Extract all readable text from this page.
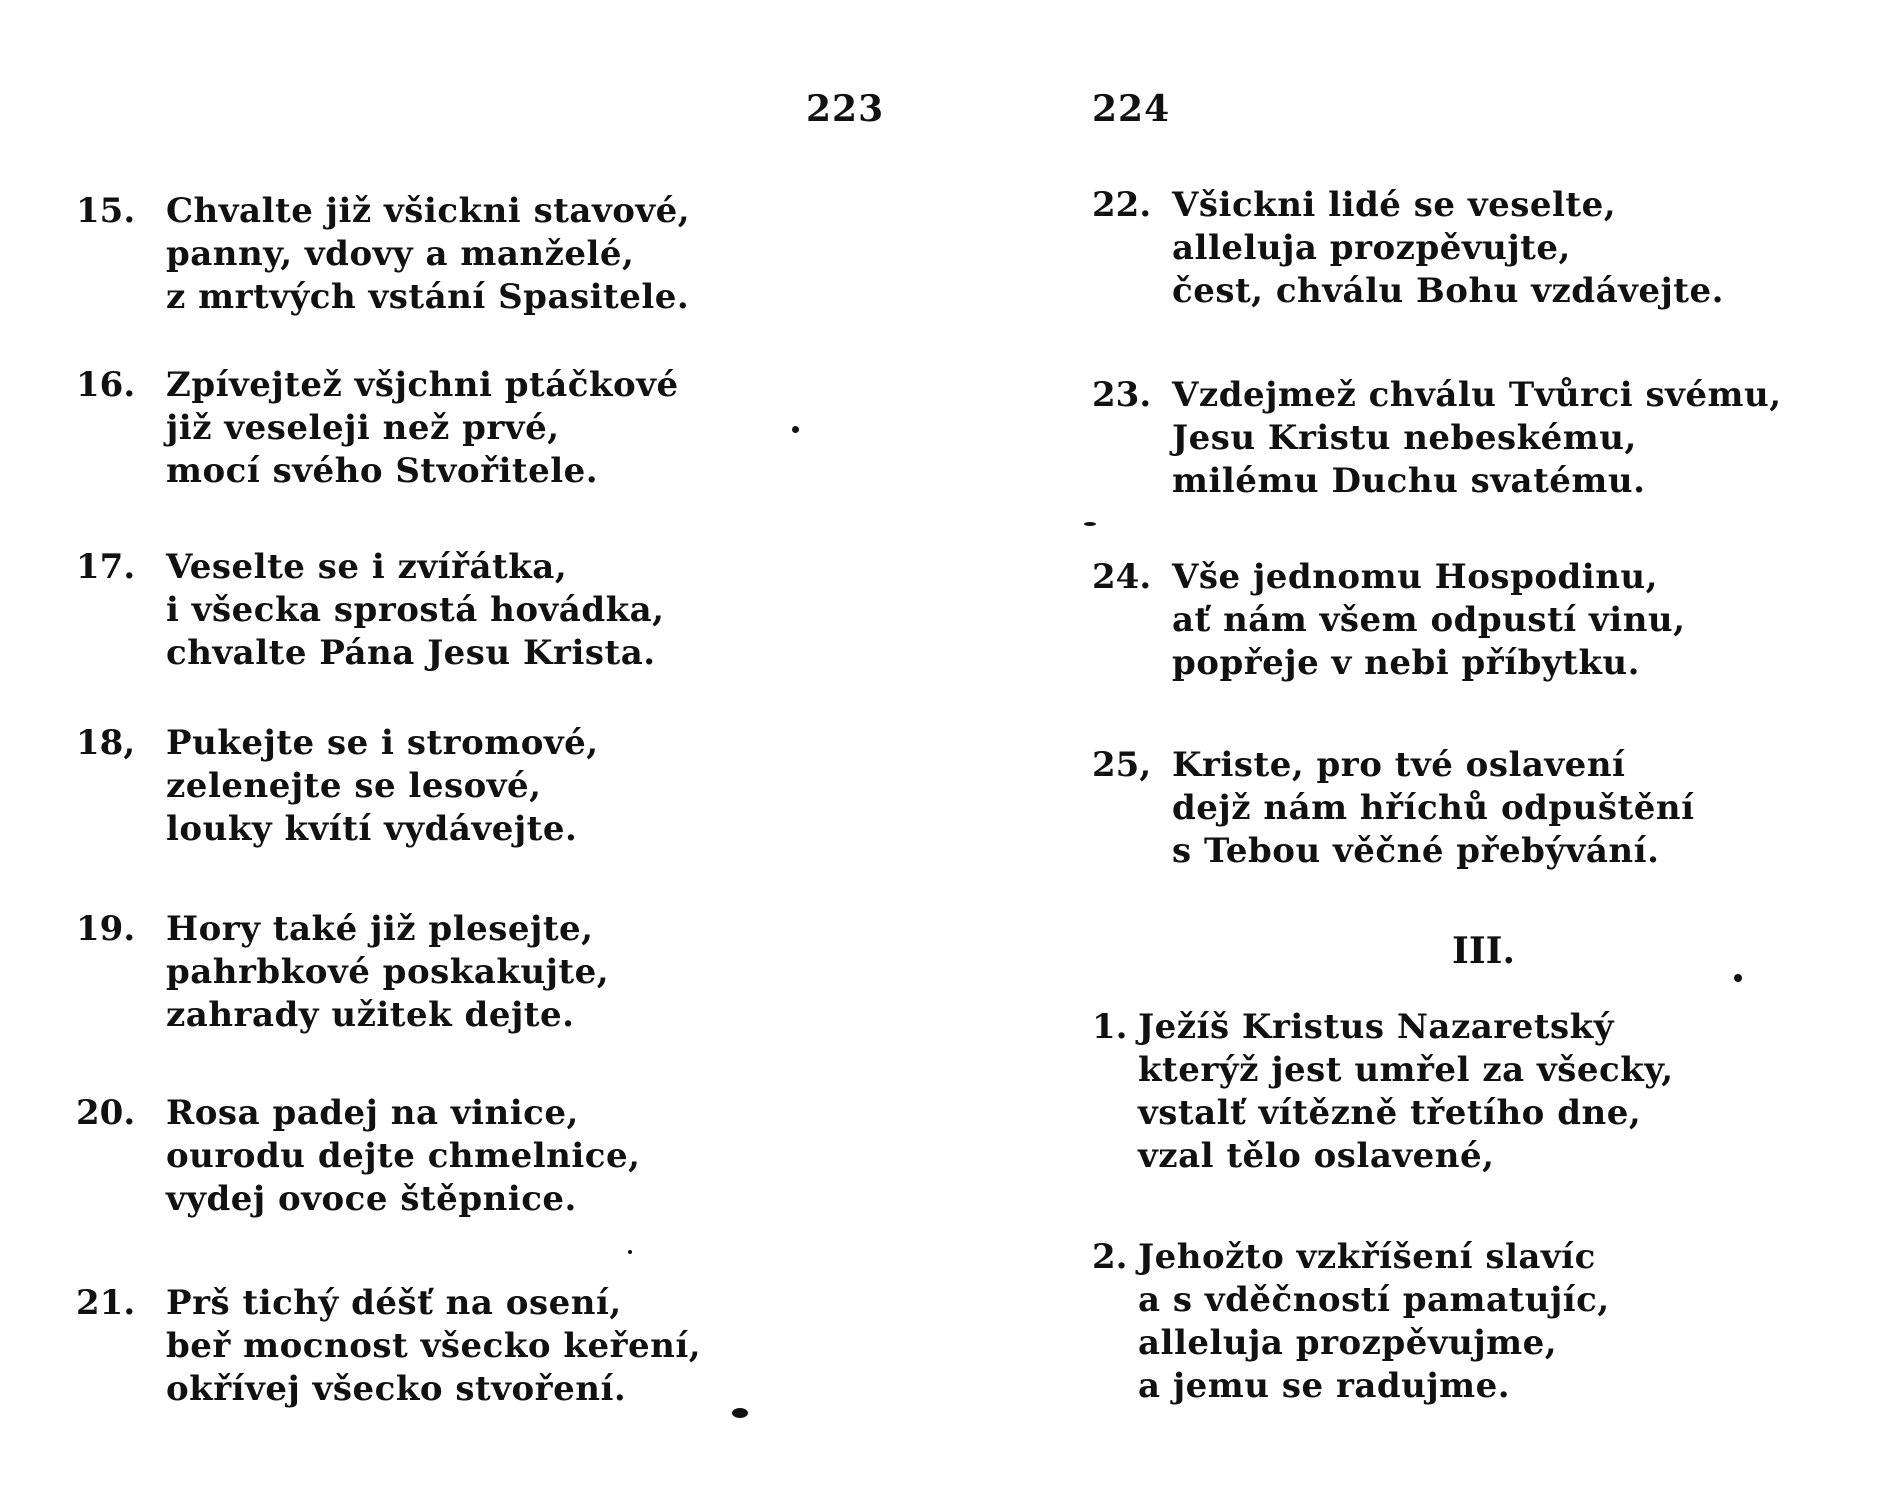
223
15. Chvalte již všickni stavové,
panny, vdovy a manželé,
z mrtvých vstání Spasitele.
16. Zpívejtež všjchni ptáčkové
již veseleji než prvé,
mocí svého Stvořitele.
17. Veselte se i zvířátka,
i všecka sprostá hovádka,
chvalte Pána Jesu Krista.
18, Pukejte se i stromové,
zelenejte se lesové,
louky kvítí vydávejte.
19. Hory také již plesejte,
pahrbkové poskakujte,
zahrady užitek dejte.
20. Rosa padej na vinice,
ourodu dejte chmelnice,
vydej ovoce štěpnice.
21. Prš tichý déšť na osení,
beř mocnost všecko keření,
okřívej všecko stvoření.
224
22. Všickni lidé se veselte,
alleluja prozpěvujte,
čest, chválu Bohu vzdávejte.
23. Vzdejmež chválu Tvůrci svému,
Jesu Kristu nebeskému,
milému Duchu svatému.
24. Vše jednomu Hospodinu,
ať nám všem odpustí vinu,
popřeje v nebi příbytku.
25, Kriste, pro tvé oslavení
dejž nám hříchů odpuštění
s Tebou věčné přebývání.
1. Ježíš Kristus Nazaretský
kterýž jest umřel za všecky,
vstalť vítězně třetího dne,
vzal tělo oslavené,
2. Jehožto vzkříšení slavíc
a s vděčností pamatujíc,
alleluja prozpěvujme,
a jemu se radujme.
III.
